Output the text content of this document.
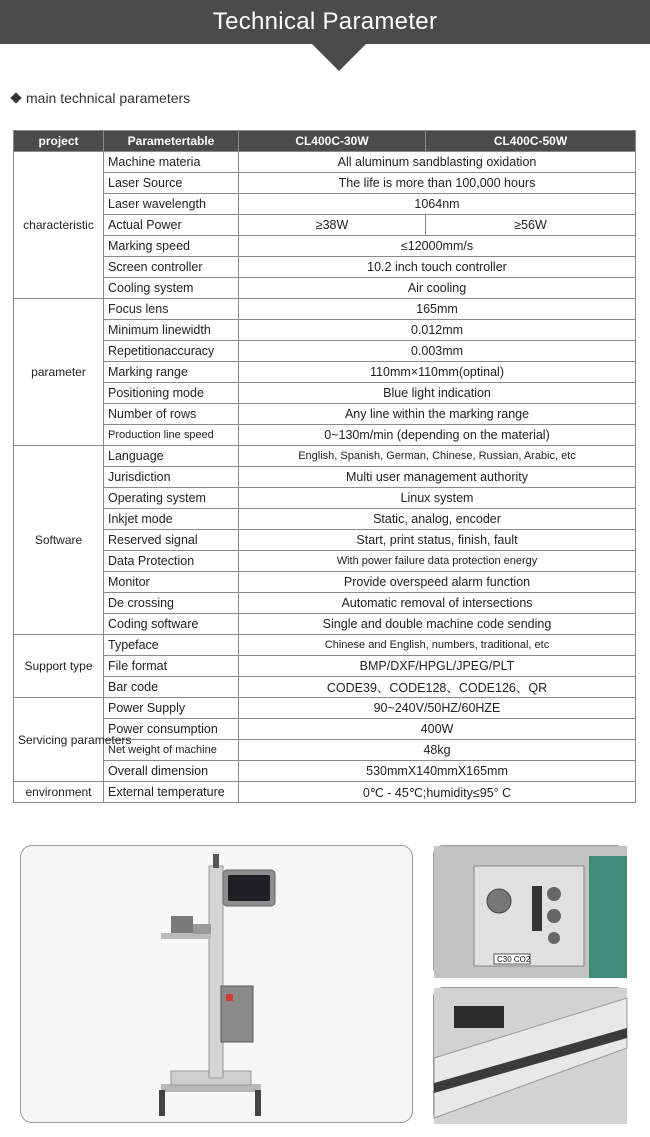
Technical Parameter
main technical parameters
project	Parametertable	CL400C-30W	CL400C-50W
characteristic	Machine materia	All aluminum sandblasting oxidation	
	Laser Source	The life is more than 100,000 hours	
	Laser wavelength	1064nm	
	Actual Power	≥38W	≥56W
	Marking speed	≤12000mm/s	
	Screen controller	10.2 inch touch controller	
	Cooling system	Air cooling	
parameter	Focus lens	165mm	
	Minimum linewidth	0.012mm	
	Repetitionaccuracy	0.003mm	
	Marking range	110mm×110mm(optinal)	
	Positioning mode	Blue light indication	
	Number of rows	Any line within the marking range	
	Production line speed	0~130m/min (depending on the material)	
Software	Language	English, Spanish, German, Chinese, Russian, Arabic, etc	
	Jurisdiction	Multi user management authority	
	Operating system	Linux system	
	Inkjet mode	Static, analog, encoder	
	Reserved signal	Start, print status, finish, fault	
	Data Protection	With power failure data protection energy	
	Monitor	Provide overspeed alarm function	
	De crossing	Automatic removal of intersections	
	Coding software	Single and double machine code sending	
Support type	Typeface	Chinese and English, numbers, traditional, etc	
	File format	BMP/DXF/HPGL/JPEG/PLT	
	Bar code	CODE39、CODE128、CODE126、QR	
Servicing parameters	Power Supply	90~240V/50HZ/60HZE	
	Power consumption	400W	
	Net weight of machine	48kg	
	Overall dimension	530mmX140mmX165mm	
environment	External temperature	0℃ - 45℃;humidity≤95° C	
C30 CO2
